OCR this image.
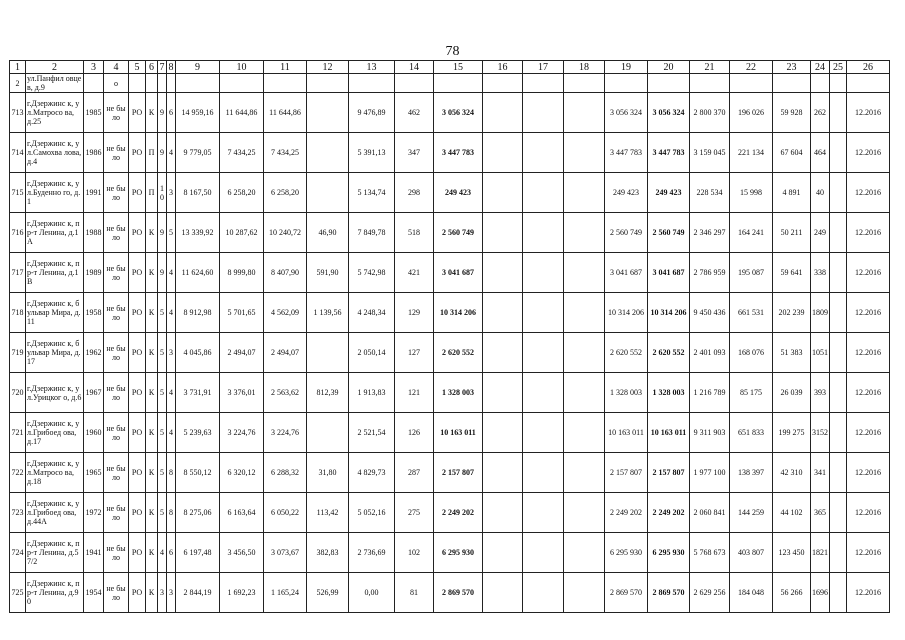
78
1	2	3	4	5	6	7	8	9	10	11	12	13	14	15	16	17	18	19	20	21	22	23	24	25	26
2	ул.Панфил овцев, д.9		о																						
713	г.Дзержинс к, ул.Матросо ва, д.25	1985	не было	РО	К	9	6	14 959,16	11 644,86	11 644,86		9 476,89	462	3 056 324				3 056 324	3 056 324	2 800 370	196 026	59 928	262		12.2016
714	г.Дзержинс к, ул.Самохва лова, д.4	1986	не было	РО	П	9	4	9 779,05	7 434,25	7 434,25		5 391,13	347	3 447 783				3 447 783	3 447 783	3 159 045	221 134	67 604	464		12.2016
715	г.Дзержинс к, ул.Буденно го, д.1	1991	не было	РО	П	10	3	8 167,50	6 258,20	6 258,20		5 134,74	298	249 423				249 423	249 423	228 534	15 998	4 891	40		12.2016
716	г.Дзержинс к, пр-т Ленина, д.1 А	1988	не было	РО	К	9	5	13 339,92	10 287,62	10 240,72	46,90	7 849,78	518	2 560 749				2 560 749	2 560 749	2 346 297	164 241	50 211	249		12.2016
717	г.Дзержинс к, пр-т Ленина, д.1 В	1989	не было	РО	К	9	4	11 624,60	8 999,80	8 407,90	591,90	5 742,98	421	3 041 687				3 041 687	3 041 687	2 786 959	195 087	59 641	338		12.2016
718	г.Дзержинс к, бульвар Мира, д.11	1958	не было	РО	К	5	4	8 912,98	5 701,65	4 562,09	1 139,56	4 248,34	129	10 314 206				10 314 206	10 314 206	9 450 436	661 531	202 239	1809		12.2016
719	г.Дзержинс к, бульвар Мира, д.17	1962	не было	РО	К	5	3	4 045,86	2 494,07	2 494,07		2 050,14	127	2 620 552				2 620 552	2 620 552	2 401 093	168 076	51 383	1051		12.2016
720	г.Дзержинс к, ул.Урицког о, д.6	1967	не было	РО	К	5	4	3 731,91	3 376,01	2 563,62	812,39	1 913,83	121	1 328 003				1 328 003	1 328 003	1 216 789	85 175	26 039	393		12.2016
721	г.Дзержинс к, ул.Грибоед ова, д.17	1960	не было	РО	К	5	4	5 239,63	3 224,76	3 224,76		2 521,54	126	10 163 011				10 163 011	10 163 011	9 311 903	651 833	199 275	3152		12.2016
722	г.Дзержинс к, ул.Матросо ва, д.18	1965	не было	РО	К	5	8	8 550,12	6 320,12	6 288,32	31,80	4 829,73	287	2 157 807				2 157 807	2 157 807	1 977 100	138 397	42 310	341		12.2016
723	г.Дзержинс к, ул.Грибоед ова, д.44А	1972	не было	РО	К	5	8	8 275,06	6 163,64	6 050,22	113,42	5 052,16	275	2 249 202				2 249 202	2 249 202	2 060 841	144 259	44 102	365		12.2016
724	г.Дзержинс к, пр-т Ленина, д.57/2	1941	не было	РО	К	4	6	6 197,48	3 456,50	3 073,67	382,83	2 736,69	102	6 295 930				6 295 930	6 295 930	5 768 673	403 807	123 450	1821		12.2016
725	г.Дзержинс к, пр-т Ленина, д.90	1954	не было	РО	К	3	3	2 844,19	1 692,23	1 165,24	526,99	0,00	81	2 869 570				2 869 570	2 869 570	2 629 256	184 048	56 266	1696		12.2016
